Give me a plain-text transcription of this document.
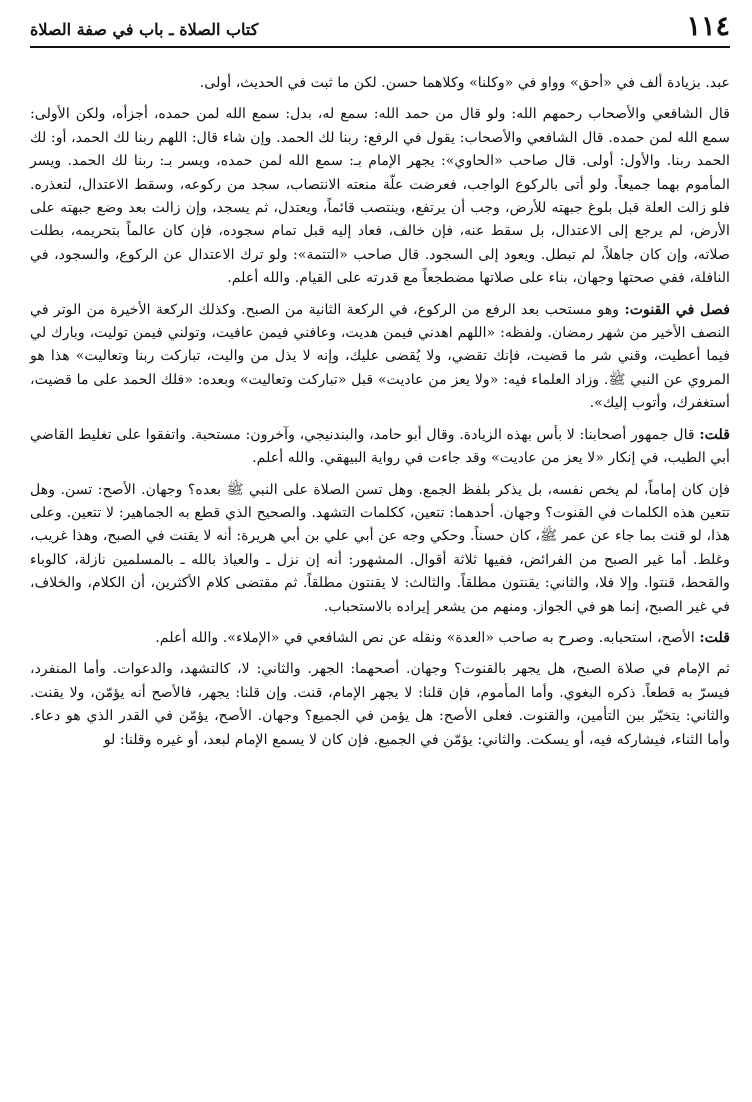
١١٤
كتاب الصلاة ـ باب في صفة الصلاة

عبد. بزيادة ألف في «أحق» وواو في «وكلنا» وكلاهما حسن. لكن ما ثبت في الحديث، أولى.

قال الشافعي والأصحاب رحمهم الله: ولو قال من حمد الله: سمع له، بدل: سمع الله لمن حمده، أجزأه، ولكن الأولى: سمع الله لمن حمده. قال الشافعي والأصحاب: يقول في الرفع: ربنا لك الحمد. وإن شاء قال: اللهم ربنا لك الحمد، أو: لك الحمد ربنا. والأول: أولى. قال صاحب «الحاوي»: يجهر الإمام بـ: سمع الله لمن حمده، ويسر بـ: ربنا لك الحمد. ويسر المأموم بهما جميعاً. ولو أتى بالركوع الواجب، فعرضت علّة منعته الانتصاب، سجد من ركوعه، وسقط الاعتدال، لتعذره. فلو زالت العلة قبل بلوغ جبهته للأرض، وجب أن يرتفع، وينتصب قائماً، ويعتدل، ثم يسجد، وإن زالت بعد وضع جبهته على الأرض، لم يرجع إلى الاعتدال، بل سقط عنه، فإن خالف، فعاد إليه قبل تمام سجوده، فإن كان عالماً بتحريمه، بطلت صلاته، وإن كان جاهلاً، لم تبطل. ويعود إلى السجود. قال صاحب «التتمة»: ولو ترك الاعتدال عن الركوع، والسجود، في النافلة، ففي صحتها وجهان، بناء على صلاتها مضطجعاً مع قدرته على القيام. والله أعلم.

فصل في القنوت: وهو مستحب بعد الرفع من الركوع، في الركعة الثانية من الصبح. وكذلك الركعة الأخيرة من الوتر في النصف الأخير من شهر رمضان. ولفظه: «اللهم اهدني فيمن هديت، وعافني فيمن عافيت، وتولني فيمن توليت، وبارك لي فيما أعطيت، وقني شر ما قضيت، فإنك تقضي، ولا يُقضى عليك، وإنه لا يذل من واليت، تباركت ربنا وتعاليت» هذا هو المروي عن النبي ﷺ. وزاد العلماء فيه: «ولا يعز من عاديت» قبل «تباركت وتعاليت» وبعده: «فلك الحمد على ما قضيت، أستغفرك، وأتوب إليك».

قلت: قال جمهور أصحابنا: لا بأس بهذه الزيادة. وقال أبو حامد، والبندنيجي، وآخرون: مستحبة. واتفقوا على تغليط القاضي أبي الطيب، في إنكار «لا يعز من عاديت» وقد جاءت في رواية البيهقي. والله أعلم.

فإن كان إماماً، لم يخص نفسه، بل يذكر بلفظ الجمع. وهل تسن الصلاة على النبي ﷺ بعده؟ وجهان. الأصح: تسن. وهل تتعين هذه الكلمات في القنوت؟ وجهان. أحدهما: تتعين، ككلمات التشهد. والصحيح الذي قطع به الجماهير: لا تتعين. وعلى هذا، لو قنت بما جاء عن عمر ﷺ، كان حسناً. وحكي وجه عن أبي علي بن أبي هريرة: أنه لا يقنت في الصبح، وهذا غريب، وغلط. أما غير الصبح من الفرائض، ففيها ثلاثة أقوال. المشهور: أنه إن نزل ـ والعياذ بالله ـ بالمسلمين نازلة، كالوباء والقحط، قنتوا. وإلا فلا، والثاني: يقنتون مطلقاً. والثالث: لا يقنتون مطلقاً. ثم مقتضى كلام الأكثرين، أن الكلام، والخلاف، في غير الصبح، إنما هو في الجواز. ومنهم من يشعر إيراده بالاستحباب.

قلت: الأصح، استحبابه. وصرح به صاحب «العدة» ونقله عن نص الشافعي في «الإملاء». والله أعلم.

ثم الإمام في صلاة الصبح، هل يجهر بالقنوت؟ وجهان. أصحهما: الجهر. والثاني: لا، كالتشهد، والدعوات. وأما المنفرد، فيسرّ به قطعاً. ذكره البغوي. وأما المأموم، فإن قلنا: لا يجهر الإمام، قنت. وإن قلنا: يجهر، فالأصح أنه يؤمّن، ولا يقنت. والثاني: يتخيّر بين التأمين، والقنوت. فعلى الأصح: هل يؤمن في الجميع؟ وجهان. الأصح، يؤمّن في القدر الذي هو دعاء. وأما الثناء، فيشاركه فيه، أو يسكت. والثاني: يؤمّن في الجميع. فإن كان لا يسمع الإمام لبعد، أو غيره وقلنا: لو
